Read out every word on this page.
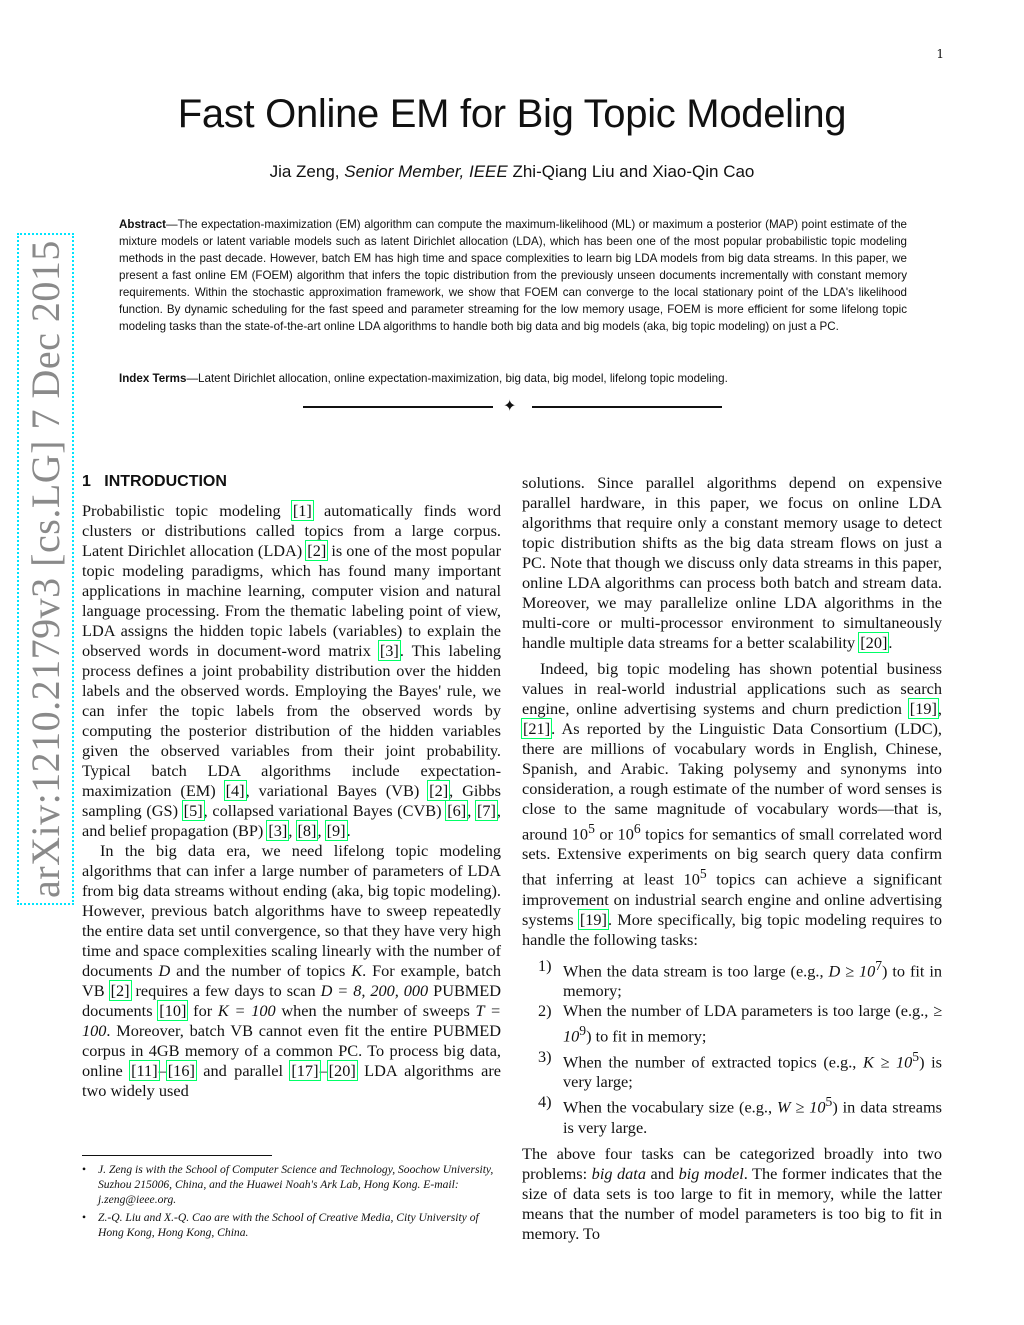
1
arXiv:1210.2179v3 [cs.LG] 7 Dec 2015
Fast Online EM for Big Topic Modeling
Jia Zeng, Senior Member, IEEE Zhi-Qiang Liu and Xiao-Qin Cao
Abstract—The expectation-maximization (EM) algorithm can compute the maximum-likelihood (ML) or maximum a posterior (MAP) point estimate of the mixture models or latent variable models such as latent Dirichlet allocation (LDA), which has been one of the most popular probabilistic topic modeling methods in the past decade. However, batch EM has high time and space complexities to learn big LDA models from big data streams. In this paper, we present a fast online EM (FOEM) algorithm that infers the topic distribution from the previously unseen documents incrementally with constant memory requirements. Within the stochastic approximation framework, we show that FOEM can converge to the local stationary point of the LDA's likelihood function. By dynamic scheduling for the fast speed and parameter streaming for the low memory usage, FOEM is more efficient for some lifelong topic modeling tasks than the state-of-the-art online LDA algorithms to handle both big data and big models (aka, big topic modeling) on just a PC.
Index Terms—Latent Dirichlet allocation, online expectation-maximization, big data, big model, lifelong topic modeling.
✦
1 INTRODUCTION

Probabilistic topic modeling [1] automatically finds word clusters or distributions called topics from a large corpus. Latent Dirichlet allocation (LDA) [2] is one of the most popular topic modeling paradigms, which has found many important applications in machine learning, computer vision and natural language processing. From the thematic labeling point of view, LDA assigns the hidden topic labels (variables) to explain the observed words in document-word matrix [3]. This labeling process defines a joint probability distribution over the hidden labels and the observed words. Employing the Bayes' rule, we can infer the topic labels from the observed words by computing the posterior distribution of the hidden variables given the observed variables from their joint probability. Typical batch LDA algorithms include expectation-maximization (EM) [4], variational Bayes (VB) [2], Gibbs sampling (GS) [5], collapsed variational Bayes (CVB) [6], [7], and belief propagation (BP) [3], [8], [9].

In the big data era, we need lifelong topic modeling algorithms that can infer a large number of parameters of LDA from big data streams without ending (aka, big topic modeling). However, previous batch algorithms have to sweep repeatedly the entire data set until convergence, so that they have very high time and space complexities scaling linearly with the number of documents D and the number of topics K. For example, batch VB [2] requires a few days to scan D = 8, 200, 000 PUBMED documents [10] for K = 100 when the number of sweeps T = 100. Moreover, batch VB cannot even fit the entire PUBMED corpus in 4GB memory of a common PC. To process big data, online [11]–[16] and parallel [17]–[20] LDA algorithms are two widely used

• J. Zeng is with the School of Computer Science and Technology, Soochow University, Suzhou 215006, China, and the Huawei Noah's Ark Lab, Hong Kong. E-mail: j.zeng@ieee.org.
• Z.-Q. Liu and X.-Q. Cao are with the School of Creative Media, City University of Hong Kong, Hong Kong, China.

solutions. Since parallel algorithms depend on expensive parallel hardware, in this paper, we focus on online LDA algorithms that require only a constant memory usage to detect topic distribution shifts as the big data stream flows on just a PC. Note that though we discuss only data streams in this paper, online LDA algorithms can process both batch and stream data. Moreover, we may parallelize online LDA algorithms in the multi-core or multi-processor environment to simultaneously handle multiple data streams for a better scalability [20].

Indeed, big topic modeling has shown potential business values in real-world industrial applications such as search engine, online advertising systems and churn prediction [19], [21]. As reported by the Linguistic Data Consortium (LDC), there are millions of vocabulary words in English, Chinese, Spanish, and Arabic. Taking polysemy and synonyms into consideration, a rough estimate of the number of word senses is close to the same magnitude of vocabulary words—that is, around $10^5$ or $10^6$ topics for semantics of small correlated word sets. Extensive experiments on big search query data confirm that inferring at least $10^5$ topics can achieve a significant improvement on industrial search engine and online advertising systems [19]. More specifically, big topic modeling requires to handle the following tasks:

1) When the data stream is too large (e.g., $D \ge 10^7$) to fit in memory;
2) When the number of LDA parameters is too large (e.g., ≥ $10^9$) to fit in memory;
3) When the number of extracted topics (e.g., $K \ge 10^5$) is very large;
4) When the vocabulary size (e.g., $W \ge 10^5$) in data streams is very large.

The above four tasks can be categorized broadly into two problems: big data and big model. The former indicates that the size of data sets is too large to fit in memory, while the latter means that the number of model parameters is too big to fit in memory. To
